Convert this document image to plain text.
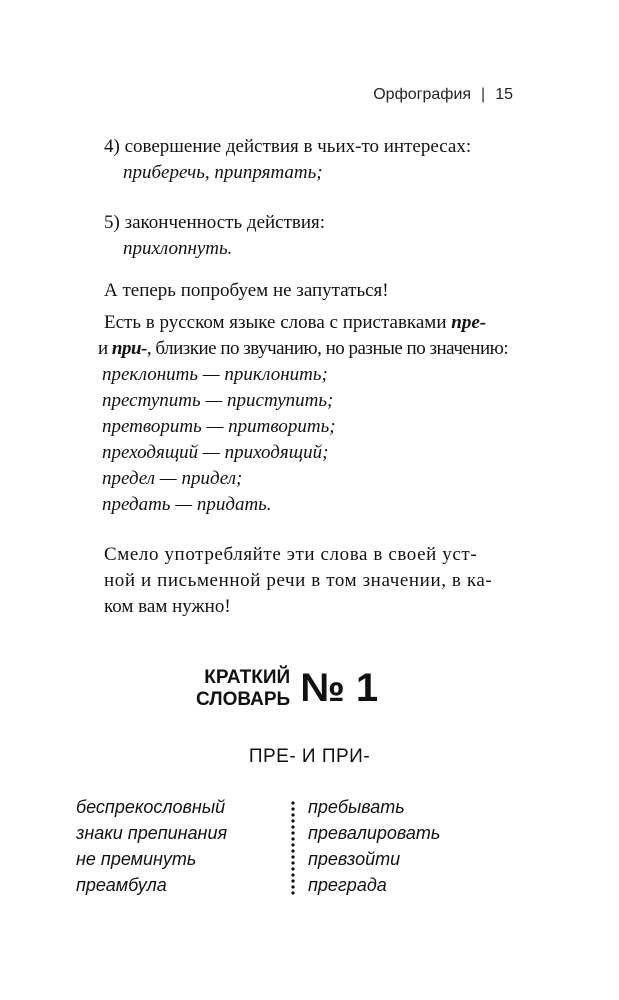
Орфография | 15
4) совершение действия в чьих-то интересах:
приберечь, припрятать;
5) законченность действия:
прихлопнуть.
А теперь попробуем не запутаться!
Есть в русском языке слова с приставками пре-
и при-, близкие по звучанию, но разные по значению:
преклонить — приклонить;
преступить — приступить;
претворить — притворить;
преходящий — приходящий;
предел — придел;
предать — придать.
Смело употребляйте эти слова в своей уст-
ной и письменной речи в том значении, в ка-
ком вам нужно!
КРАТКИЙ
СЛОВАРЬ № 1
ПРЕ- И ПРИ-
беспрекословный
знаки препинания
не преминуть
преамбула
пребывать
превалировать
превзойти
преграда
